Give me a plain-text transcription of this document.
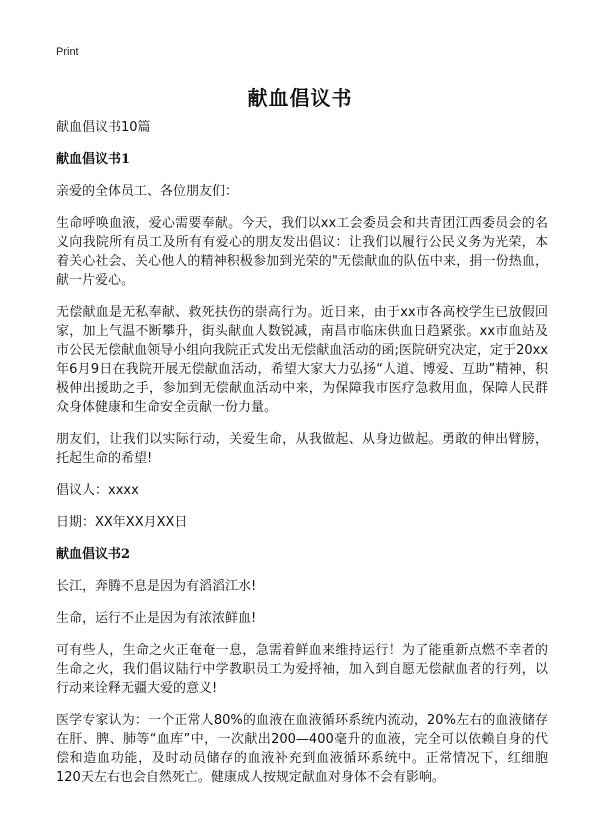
Print
献血倡议书

献血倡议书10篇

献血倡议书1

亲爱的全体员工、各位朋友们：

生命呼唤血液，爱心需要奉献。今天，我们以xx工会委员会和共青团江西委员会的名义向我院所有员工及所有有爱心的朋友发出倡议：让我们以履行公民义务为光荣，本着关心社会、关心他人的精神积极参加到光荣的"无偿献血的队伍中来，捐一份热血，献一片爱心。

无偿献血是无私奉献、救死扶伤的崇高行为。近日来，由于xx市各高校学生已放假回家，加上气温不断攀升，街头献血人数锐减，南昌市临床供血日趋紧张。xx市血站及市公民无偿献血领导小组向我院正式发出无偿献血活动的函;医院研究决定，定于20xx年6月9日在我院开展无偿献血活动，希望大家大力弘扬“人道、博爱、互助”精神，积极伸出援助之手，参加到无偿献血活动中来，为保障我市医疗急救用血，保障人民群众身体健康和生命安全贡献一份力量。

朋友们，让我们以实际行动，关爱生命，从我做起、从身边做起。勇敢的伸出臂膀，托起生命的希望!

倡议人：xxxx

日期：XX年XX月XX日

献血倡议书2

长江，奔腾不息是因为有滔滔江水!

生命，运行不止是因为有浓浓鲜血!

可有些人，生命之火正奄奄一息，急需着鲜血来维持运行！为了能重新点燃不幸者的生命之火，我们倡议陆行中学教职员工为爱捋袖，加入到自愿无偿献血者的行列，以行动来诠释无疆大爱的意义!

医学专家认为：一个正常人80%的血液在血液循环系统内流动，20%左右的血液储存在肝、脾、肺等“血库”中，一次献出200—400毫升的血液，完全可以依赖自身的代偿和造血功能，及时动员储存的血液补充到血液循环系统中。正常情况下，红细胞120天左右也会自然死亡。健康成人按规定献血对身体不会有影响。
